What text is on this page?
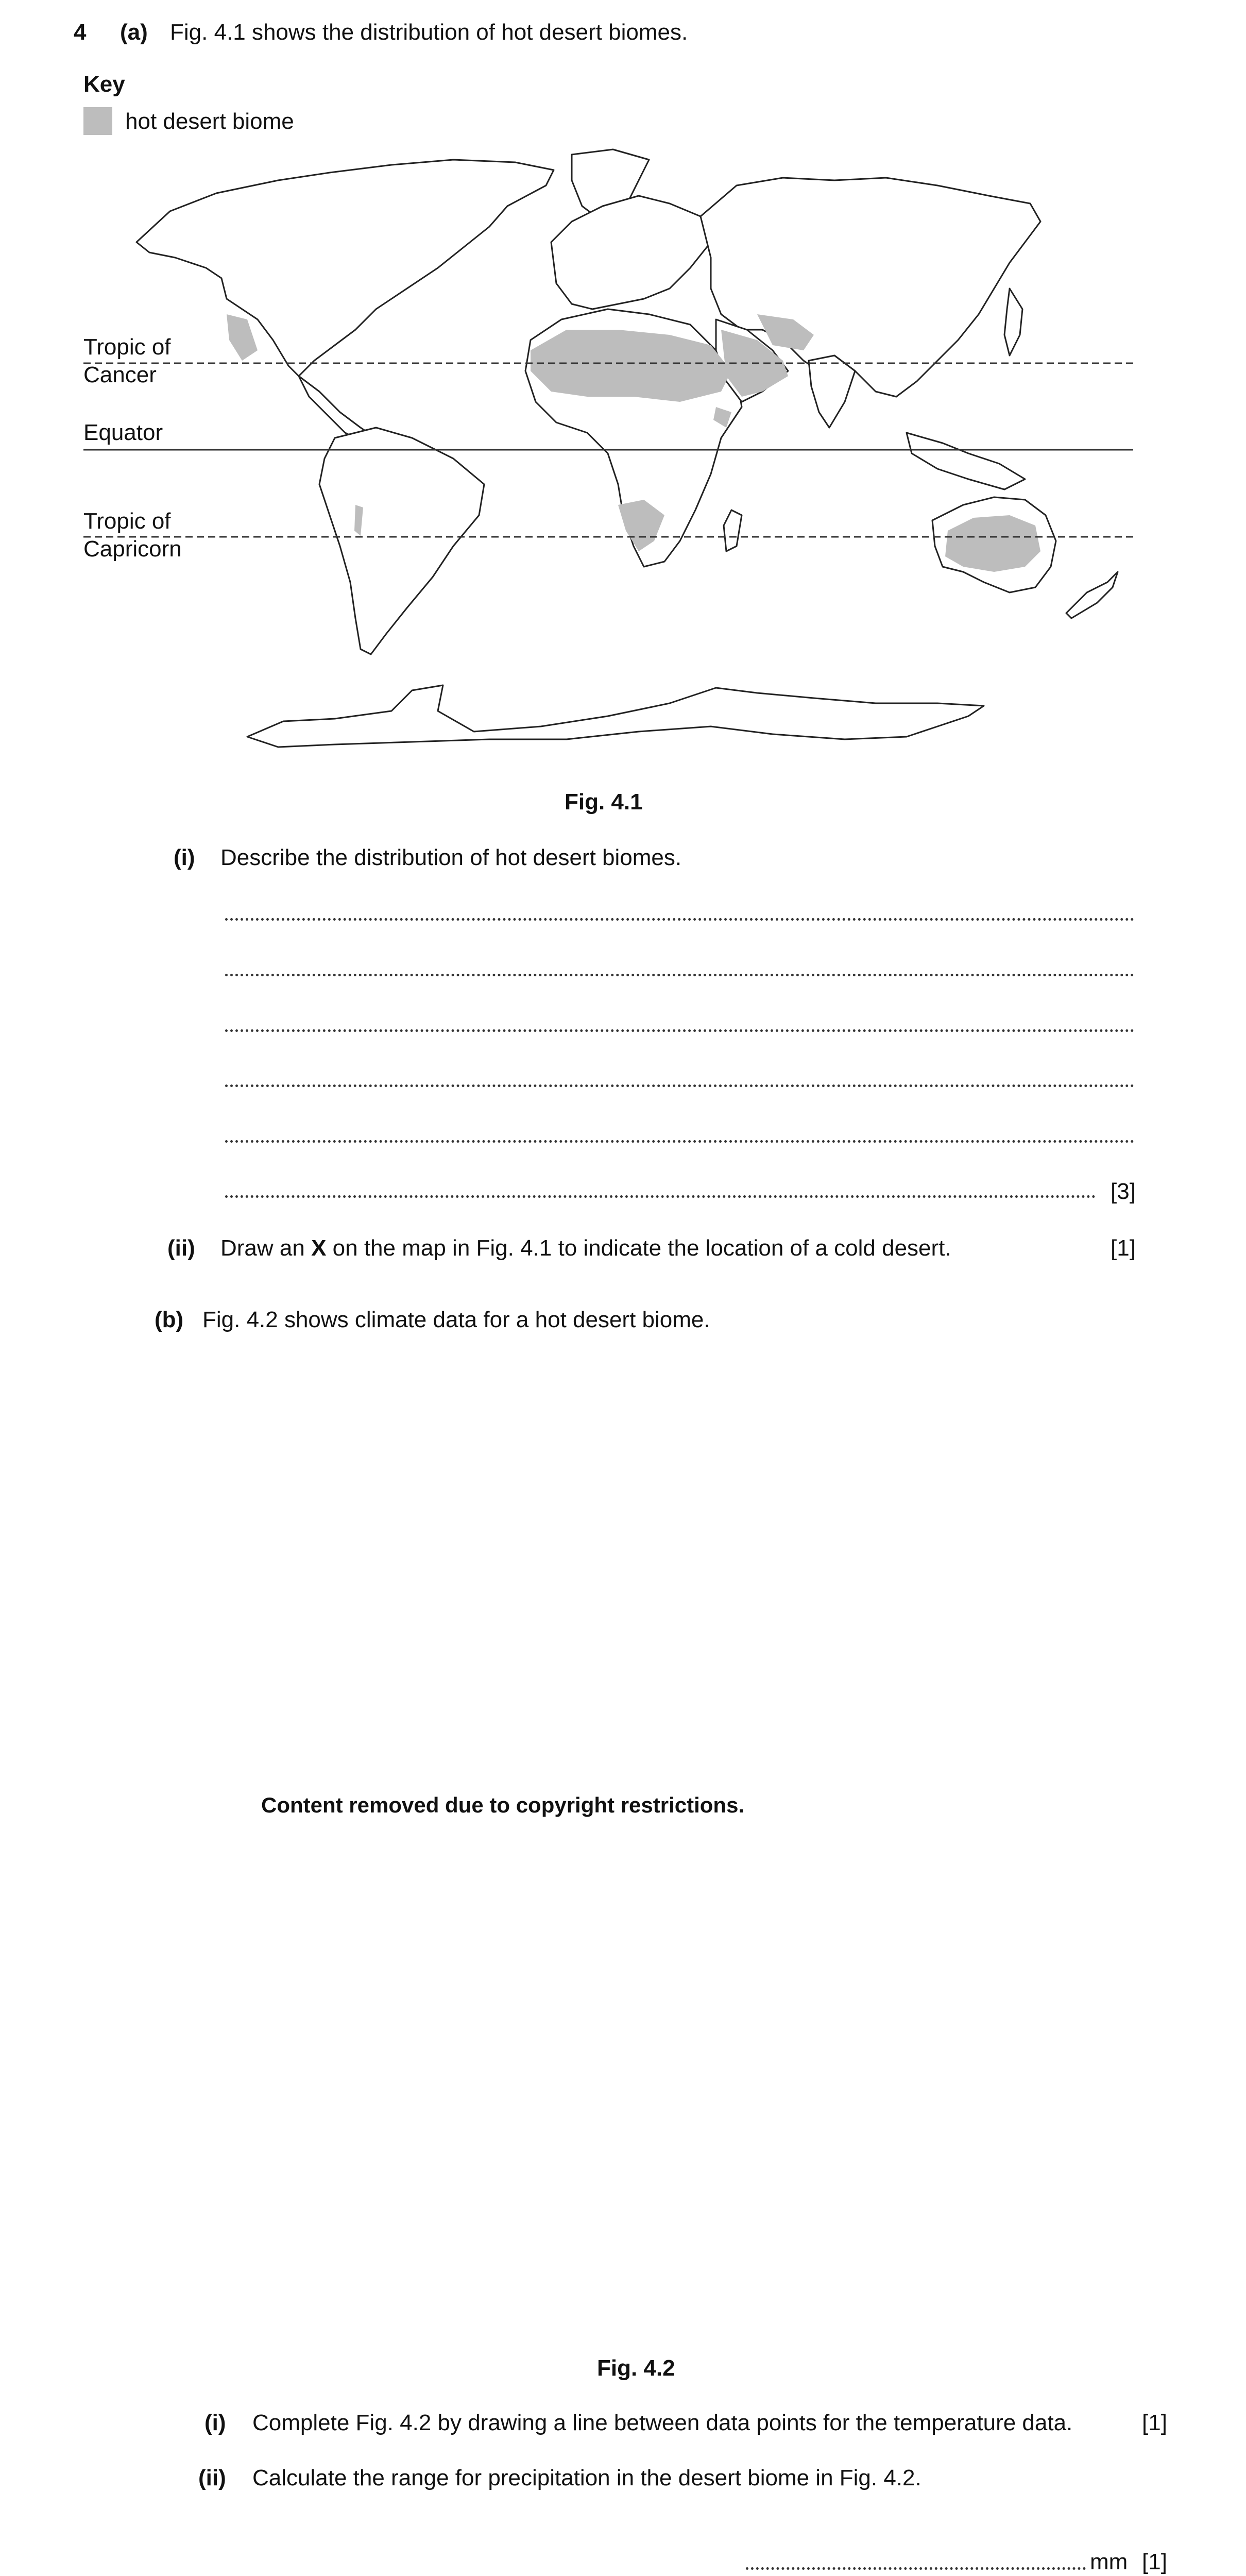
4 (a) Fig. 4.1 shows the distribution of hot desert biomes.
Key
hot desert biome
Tropic of
Cancer
Equator
Tropic of
Capricorn
Fig. 4.1
(i) Describe the distribution of hot desert biomes.
[3]
(ii) Draw an X on the map in Fig. 4.1 to indicate the location of a cold desert.	[1]
(b) Fig. 4.2 shows climate data for a hot desert biome.
Content removed due to copyright restrictions.
Fig. 4.2
(i) Complete Fig. 4.2 by drawing a line between data points for the temperature data.	[1]
(ii) Calculate the range for precipitation in the desert biome in Fig. 4.2.
mm [1]
